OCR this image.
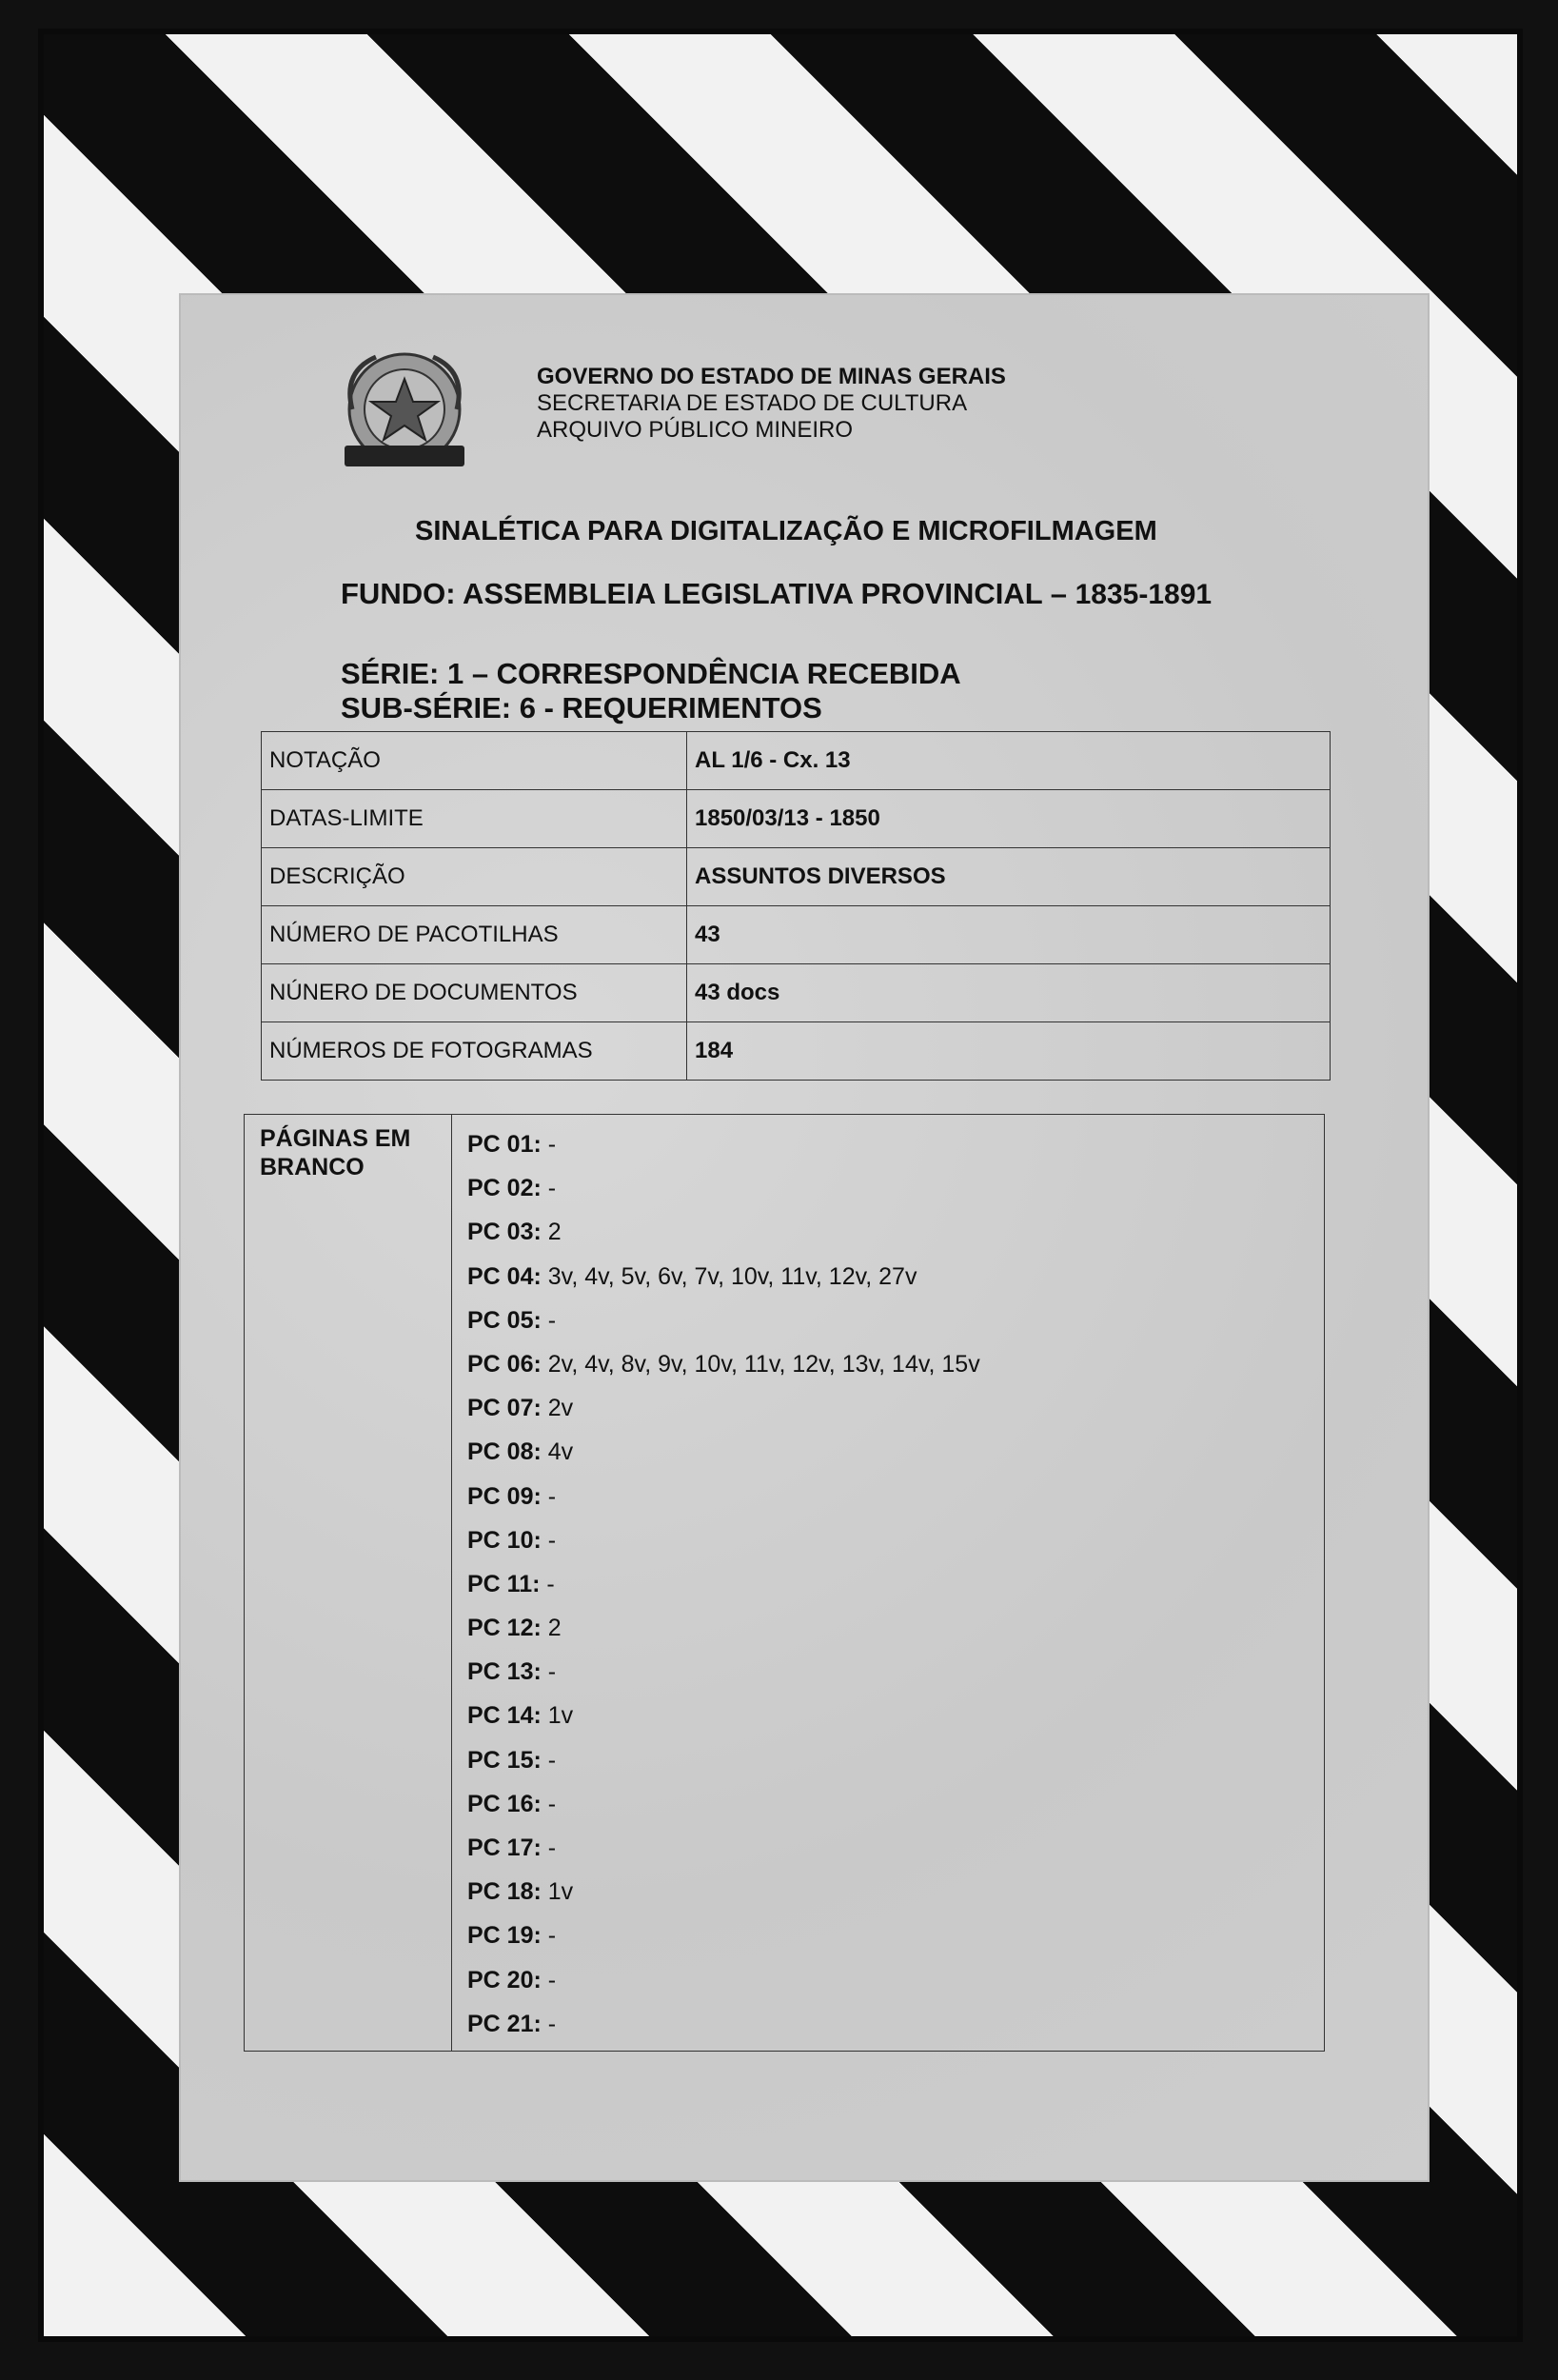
GOVERNO DO ESTADO DE MINAS GERAIS
SECRETARIA DE ESTADO DE CULTURA
ARQUIVO PÚBLICO MINEIRO
SINALÉTICA PARA DIGITALIZAÇÃO E MICROFILMAGEM
FUNDO: ASSEMBLEIA LEGISLATIVA PROVINCIAL – 1835-1891
SÉRIE: 1 – CORRESPONDÊNCIA RECEBIDA
SUB-SÉRIE: 6 - REQUERIMENTOS
NOTAÇÃO	AL 1/6 - Cx. 13
DATAS-LIMITE	1850/03/13 - 1850
DESCRIÇÃO	ASSUNTOS DIVERSOS
NÚMERO DE PACOTILHAS	43
NÚNERO DE DOCUMENTOS	43 docs
NÚMEROS DE FOTOGRAMAS	184
PÁGINAS EM
BRANCO
PC 01: -
PC 02: -
PC 03: 2
PC 04: 3v, 4v, 5v, 6v, 7v, 10v, 11v, 12v, 27v
PC 05: -
PC 06: 2v, 4v, 8v, 9v, 10v, 11v, 12v, 13v, 14v, 15v
PC 07: 2v
PC 08: 4v
PC 09: -
PC 10: -
PC 11: -
PC 12: 2
PC 13: -
PC 14: 1v
PC 15: -
PC 16: -
PC 17: -
PC 18: 1v
PC 19: -
PC 20: -
PC 21: -
